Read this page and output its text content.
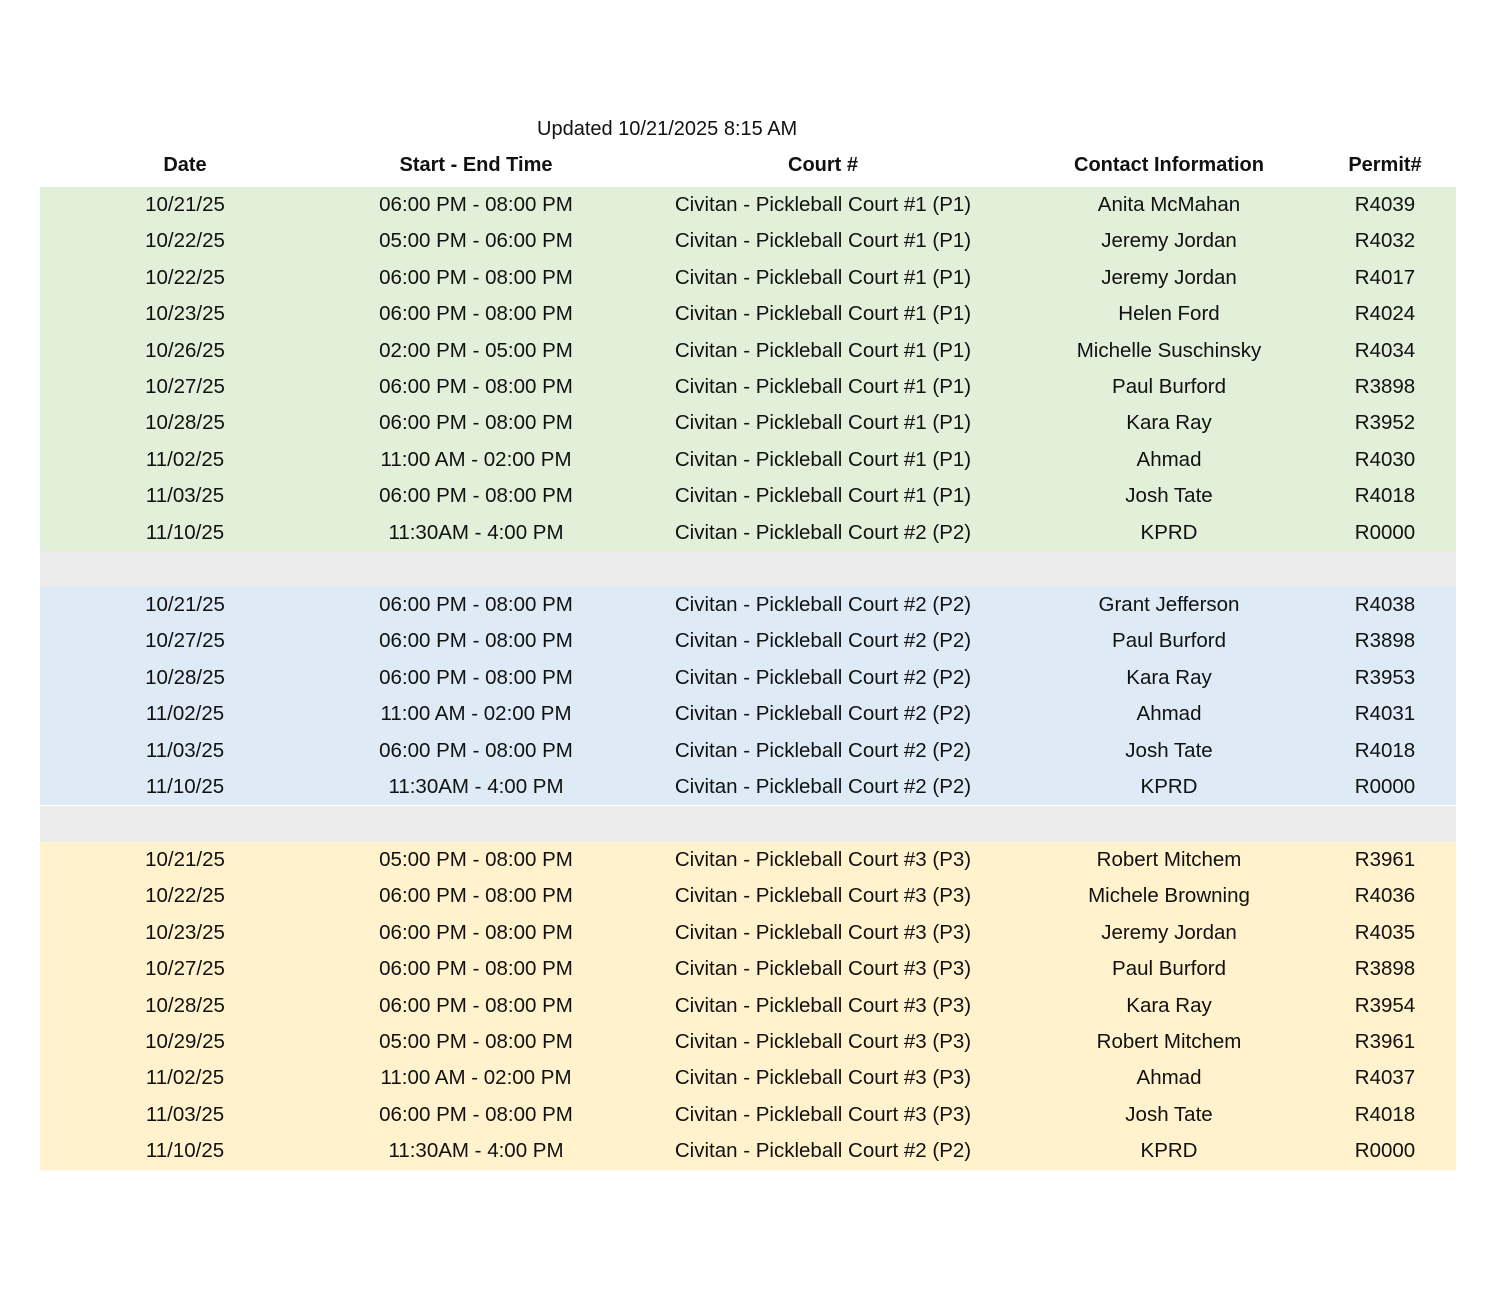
Updated 10/21/2025 8:15 AM
Date	Start - End Time	Court #	Contact Information	Permit#
10/21/25	06:00 PM - 08:00 PM	Civitan - Pickleball Court #1 (P1)	Anita McMahan	R4039
10/22/25	05:00 PM - 06:00 PM	Civitan - Pickleball Court #1 (P1)	Jeremy Jordan	R4032
10/22/25	06:00 PM - 08:00 PM	Civitan - Pickleball Court #1 (P1)	Jeremy Jordan	R4017
10/23/25	06:00 PM - 08:00 PM	Civitan - Pickleball Court #1 (P1)	Helen Ford	R4024
10/26/25	02:00 PM - 05:00 PM	Civitan - Pickleball Court #1 (P1)	Michelle Suschinsky	R4034
10/27/25	06:00 PM - 08:00 PM	Civitan - Pickleball Court #1 (P1)	Paul Burford	R3898
10/28/25	06:00 PM - 08:00 PM	Civitan - Pickleball Court #1 (P1)	Kara Ray	R3952
11/02/25	11:00 AM - 02:00 PM	Civitan - Pickleball Court #1 (P1)	Ahmad	R4030
11/03/25	06:00 PM - 08:00 PM	Civitan - Pickleball Court #1 (P1)	Josh Tate	R4018
11/10/25	11:30AM - 4:00 PM	Civitan - Pickleball Court #2 (P2)	KPRD	R0000
10/21/25	06:00 PM - 08:00 PM	Civitan - Pickleball Court #2 (P2)	Grant Jefferson	R4038
10/27/25	06:00 PM - 08:00 PM	Civitan - Pickleball Court #2 (P2)	Paul Burford	R3898
10/28/25	06:00 PM - 08:00 PM	Civitan - Pickleball Court #2 (P2)	Kara Ray	R3953
11/02/25	11:00 AM - 02:00 PM	Civitan - Pickleball Court #2 (P2)	Ahmad	R4031
11/03/25	06:00 PM - 08:00 PM	Civitan - Pickleball Court #2 (P2)	Josh Tate	R4018
11/10/25	11:30AM - 4:00 PM	Civitan - Pickleball Court #2 (P2)	KPRD	R0000
10/21/25	05:00 PM - 08:00 PM	Civitan - Pickleball Court #3 (P3)	Robert Mitchem	R3961
10/22/25	06:00 PM - 08:00 PM	Civitan - Pickleball Court #3 (P3)	Michele Browning	R4036
10/23/25	06:00 PM - 08:00 PM	Civitan - Pickleball Court #3 (P3)	Jeremy Jordan	R4035
10/27/25	06:00 PM - 08:00 PM	Civitan - Pickleball Court #3 (P3)	Paul Burford	R3898
10/28/25	06:00 PM - 08:00 PM	Civitan - Pickleball Court #3 (P3)	Kara Ray	R3954
10/29/25	05:00 PM - 08:00 PM	Civitan - Pickleball Court #3 (P3)	Robert Mitchem	R3961
11/02/25	11:00 AM - 02:00 PM	Civitan - Pickleball Court #3 (P3)	Ahmad	R4037
11/03/25	06:00 PM - 08:00 PM	Civitan - Pickleball Court #3 (P3)	Josh Tate	R4018
11/10/25	11:30AM - 4:00 PM	Civitan - Pickleball Court #2 (P2)	KPRD	R0000
